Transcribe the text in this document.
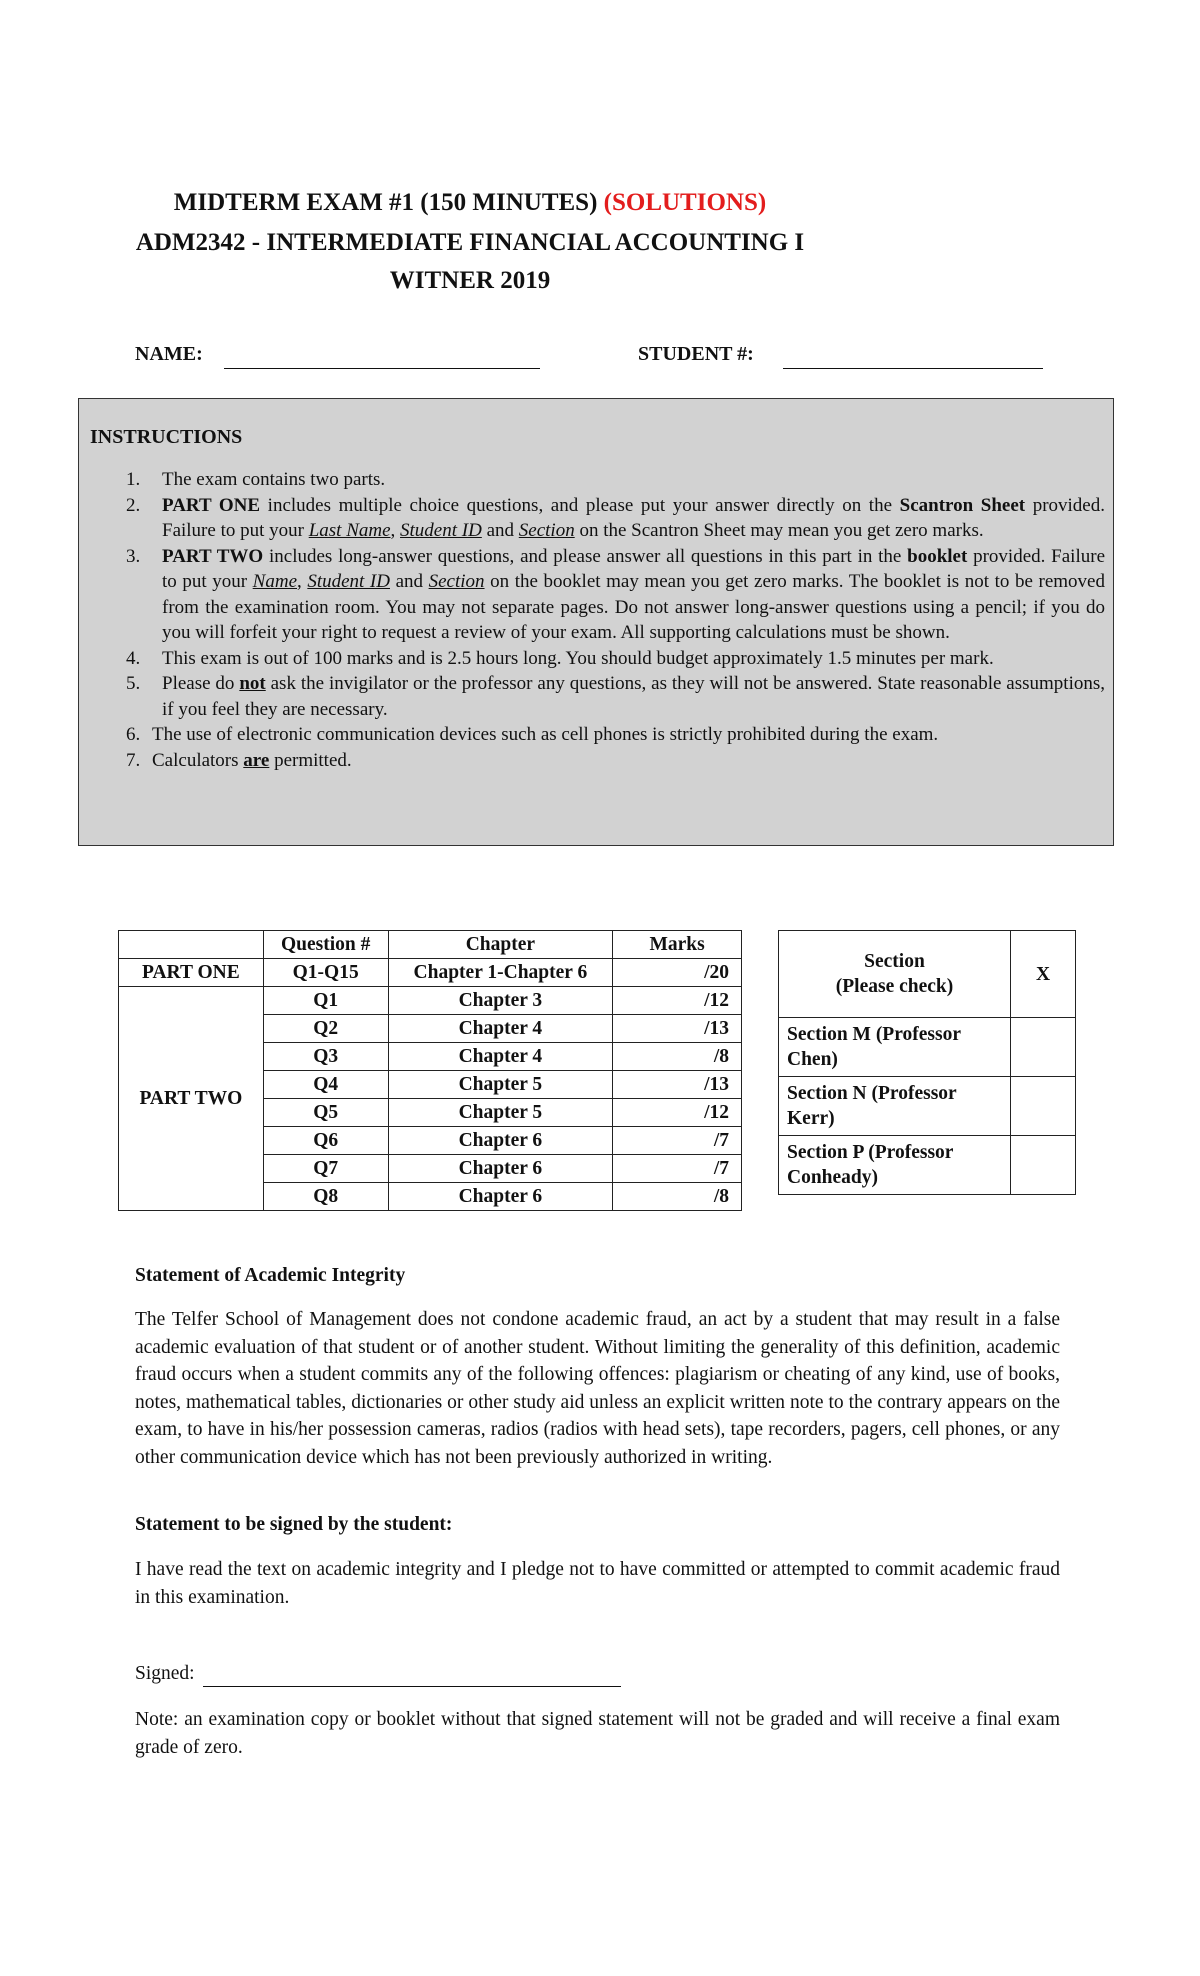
MIDTERM EXAM #1 (150 MINUTES) (SOLUTIONS)
ADM2342 - INTERMEDIATE FINANCIAL ACCOUNTING I
WITNER 2019
NAME:	STUDENT #:
INSTRUCTIONS
1. The exam contains two parts.
2. PART ONE includes multiple choice questions, and please put your answer directly on the Scantron Sheet provided. Failure to put your Last Name, Student ID and Section on the Scantron Sheet may mean you get zero marks.
3. PART TWO includes long-answer questions, and please answer all questions in this part in the booklet provided. Failure to put your Name, Student ID and Section on the booklet may mean you get zero marks. The booklet is not to be removed from the examination room. You may not separate pages. Do not answer long-answer questions using a pencil; if you do you will forfeit your right to request a review of your exam. All supporting calculations must be shown.
4. This exam is out of 100 marks and is 2.5 hours long. You should budget approximately 1.5 minutes per mark.
5. Please do not ask the invigilator or the professor any questions, as they will not be answered. State reasonable assumptions, if you feel they are necessary.
6. The use of electronic communication devices such as cell phones is strictly prohibited during the exam.
7. Calculators are permitted.
	Question #	Chapter	Marks
PART ONE	Q1-Q15	Chapter 1-Chapter 6	/20
PART TWO	Q1	Chapter 3	/12
	Q2	Chapter 4	/13
	Q3	Chapter 4	/8
	Q4	Chapter 5	/13
	Q5	Chapter 5	/12
	Q6	Chapter 6	/7
	Q7	Chapter 6	/7
	Q8	Chapter 6	/8
Section
(Please check)	X
Section M (Professor Chen)	
Section N (Professor Kerr)	
Section P (Professor Conheady)	
Statement of Academic Integrity
The Telfer School of Management does not condone academic fraud, an act by a student that may result in a false academic evaluation of that student or of another student. Without limiting the generality of this definition, academic fraud occurs when a student commits any of the following offences: plagiarism or cheating of any kind, use of books, notes, mathematical tables, dictionaries or other study aid unless an explicit written note to the contrary appears on the exam, to have in his/her possession cameras, radios (radios with head sets), tape recorders, pagers, cell phones, or any other communication device which has not been previously authorized in writing.
Statement to be signed by the student:
I have read the text on academic integrity and I pledge not to have committed or attempted to commit academic fraud in this examination.
Signed:
Note: an examination copy or booklet without that signed statement will not be graded and will receive a final exam grade of zero.
